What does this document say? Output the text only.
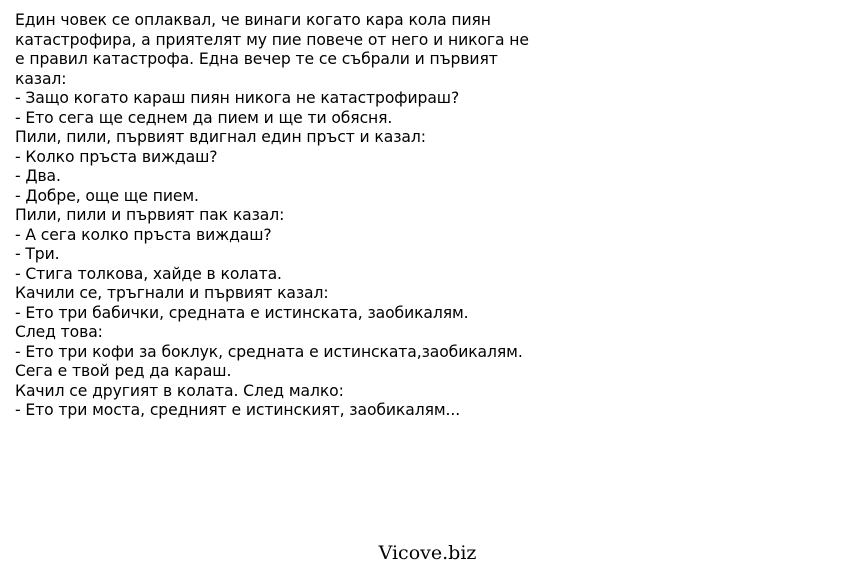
Един човек се оплаквал, че винаги когато кара кола пиян
катастрофира, а приятелят му пие повече от него и никога не
е правил катастрофа. Една вечер те се събрали и първият
казал:
- Защо когато караш пиян никога не катастрофираш?
- Ето сега ще седнем да пием и ще ти обясня.
Пили, пили, първият вдигнал един пръст и казал:
- Колко пръста виждаш?
- Два.
- Добре, още ще пием.
Пили, пили и първият пак казал:
- А сега колко пръста виждаш?
- Три.
- Стига толкова, хайде в колата.
Качили се, тръгнали и първият казал:
- Ето три бабички, средната е истинската, заобикалям.
След това:
- Ето три кофи за боклук, средната е истинската,заобикалям.
Сега е твой ред да караш.
Качил се другият в колата. След малко:
- Ето три моста, средният е истинският, заобикалям...
Vicove.biz
